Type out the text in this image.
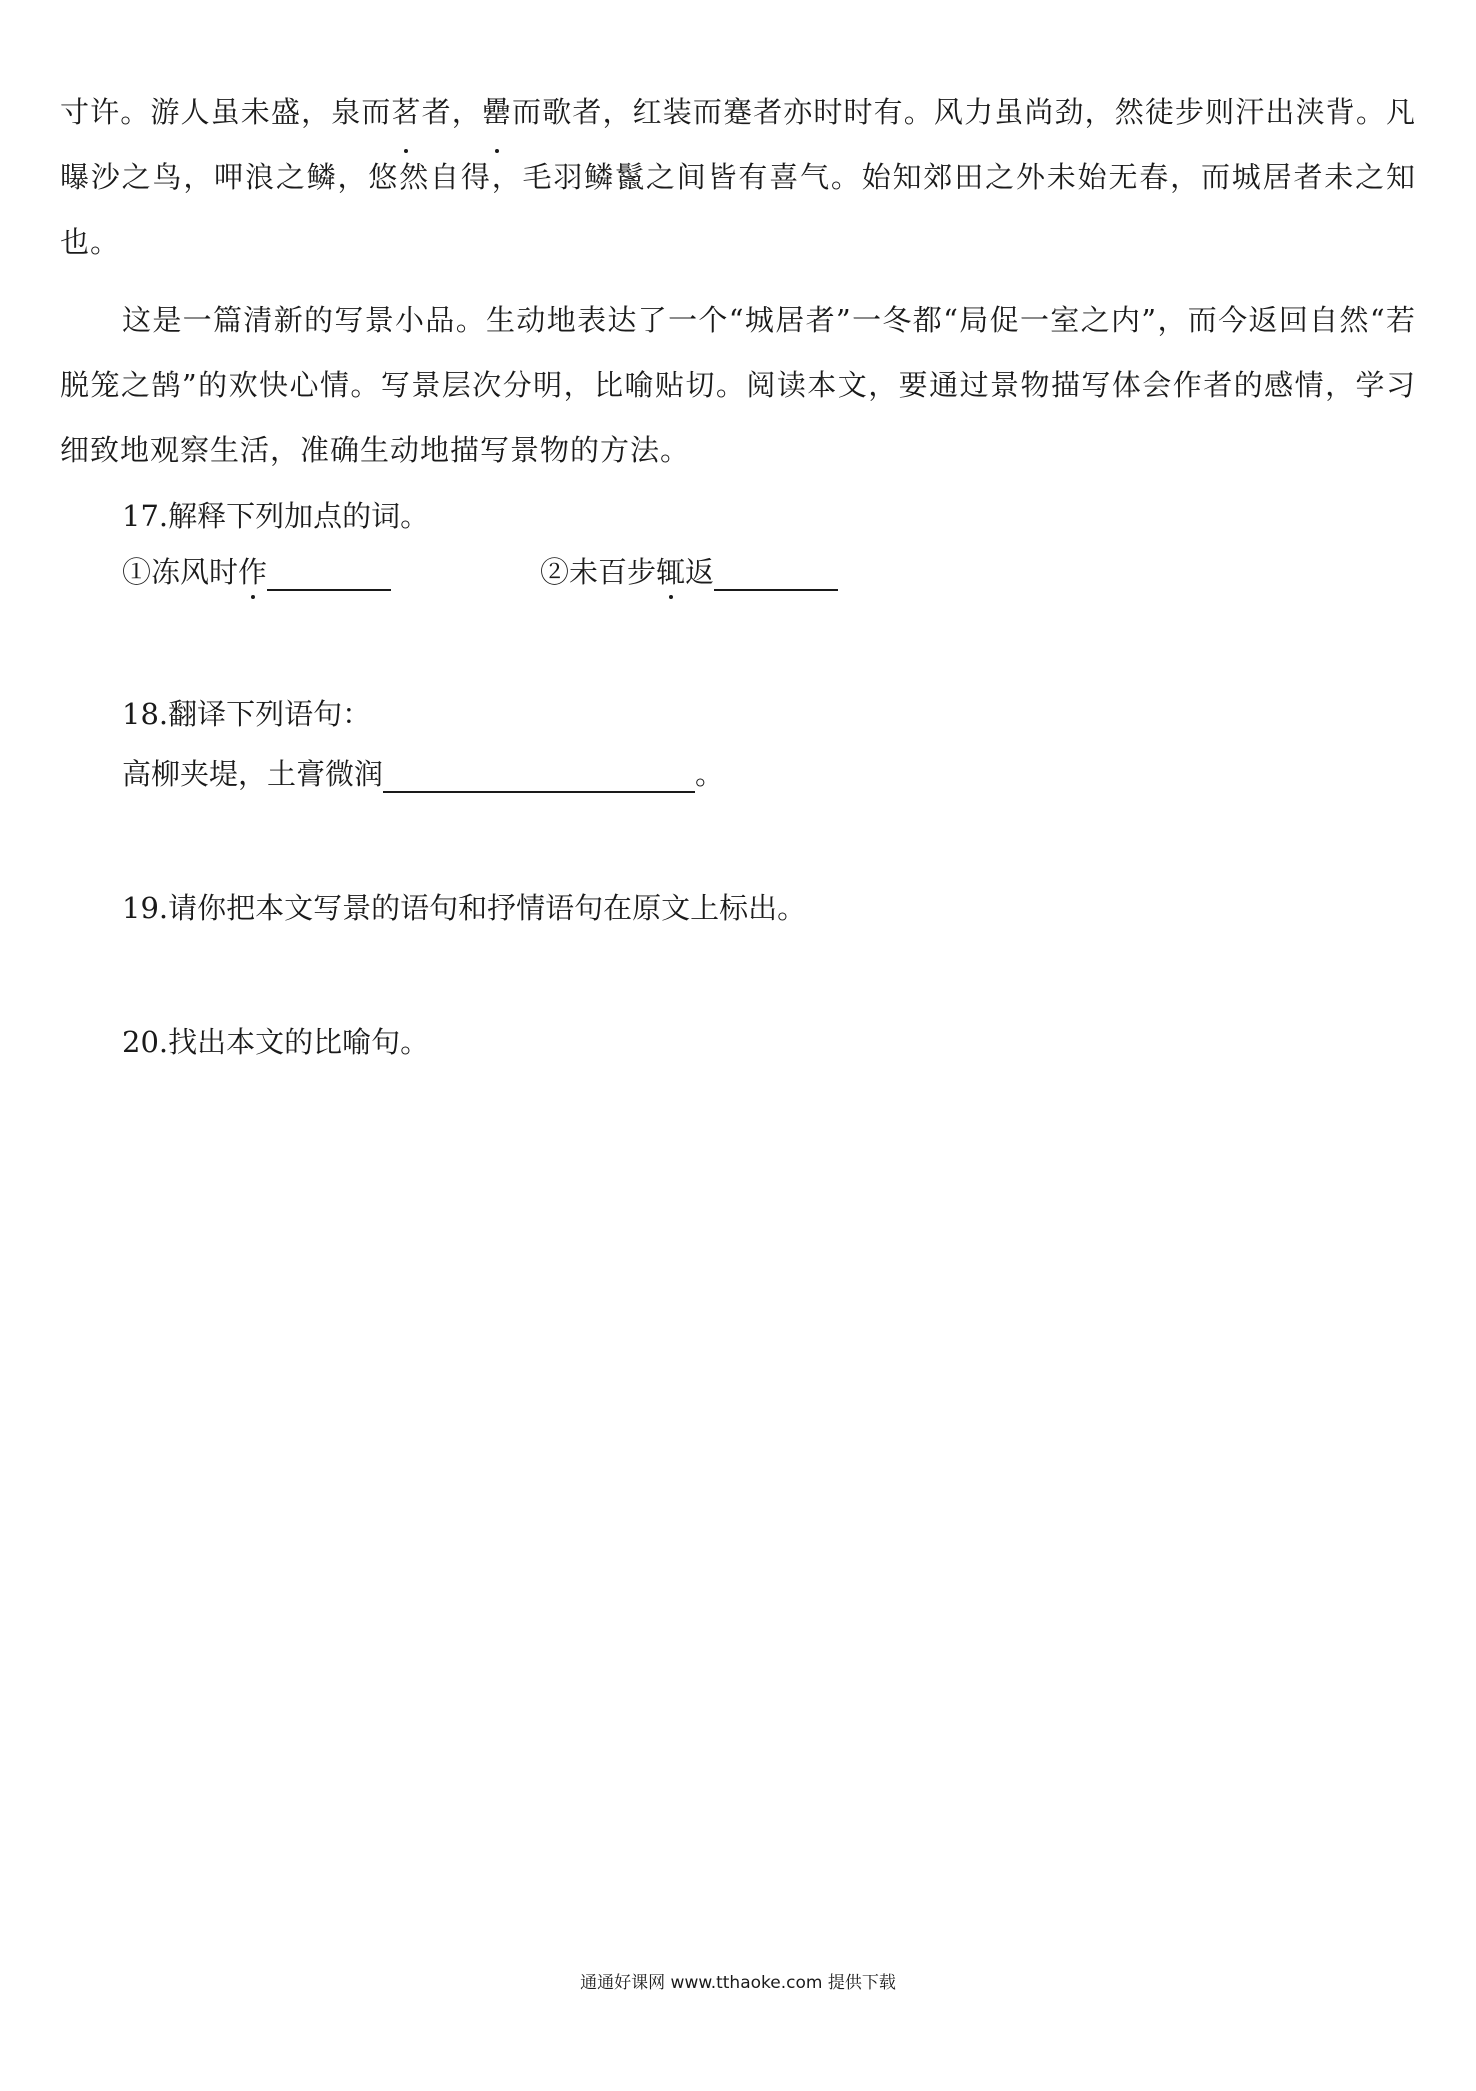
寸许。游人虽未盛，泉而茗者，罍而歌者，红装而蹇者亦时时有。风力虽尚劲，然徒步则汗出浃背。凡曝沙之鸟，呷浪之鳞，悠然自得，毛羽鳞鬣之间皆有喜气。始知郊田之外未始无春，而城居者未之知也。

这是一篇清新的写景小品。生动地表达了一个“城居者”一冬都“局促一室之内”，而今返回自然“若脱笼之鹄”的欢快心情。写景层次分明，比喻贴切。阅读本文，要通过景物描写体会作者的感情，学习细致地观察生活，准确生动地描写景物的方法。

17.解释下列加点的词。
①冻风时作	②未百步辄返
18.翻译下列语句：
高柳夹堤，土膏微润	。
19.请你把本文写景的语句和抒情语句在原文上标出。
20.找出本文的比喻句。
通通好课网 www.tthaoke.com 提供下载
